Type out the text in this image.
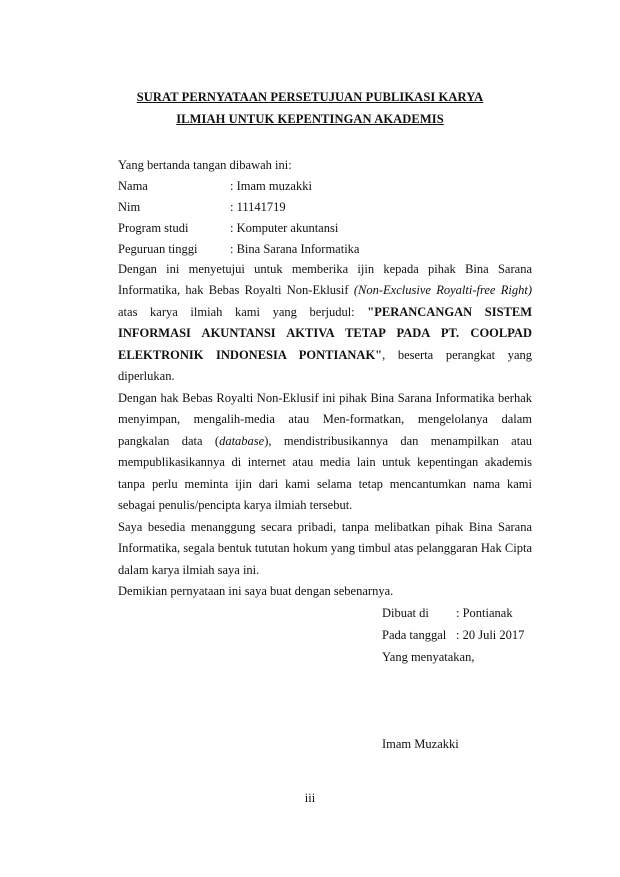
SURAT PERNYATAAN PERSETUJUAN PUBLIKASI KARYA
ILMIAH UNTUK KEPENTINGAN AKADEMIS
Yang bertanda tangan dibawah ini:
Nama	: Imam muzakki
Nim	: 11141719
Program studi	: Komputer akuntansi
Peguruan tinggi	: Bina Sarana Informatika
Dengan ini menyetujui untuk memberika ijin kepada pihak Bina Sarana Informatika, hak Bebas Royalti Non-Eklusif (Non-Exclusive Royalti-free Right) atas karya ilmiah kami yang berjudul: "PERANCANGAN SISTEM INFORMASI AKUNTANSI AKTIVA TETAP PADA PT. COOLPAD ELEKTRONIK INDONESIA PONTIANAK", beserta perangkat yang diperlukan.
Dengan hak Bebas Royalti Non-Eklusif ini pihak Bina Sarana Informatika berhak menyimpan, mengalih-media atau Men-formatkan, mengelolanya dalam pangkalan data (database), mendistribusikannya dan menampilkan atau mempublikasikannya di internet atau media lain untuk kepentingan akademis tanpa perlu meminta ijin dari kami selama tetap mencantumkan nama kami sebagai penulis/pencipta karya ilmiah tersebut.
Saya besedia menanggung secara pribadi, tanpa melibatkan pihak Bina Sarana Informatika, segala bentuk tututan hokum yang timbul atas pelanggaran Hak Cipta dalam karya ilmiah saya ini.
Demikian pernyataan ini saya buat dengan sebenarnya.
Dibuat di : Pontianak
Pada tanggal : 20 Juli 2017
Yang menyatakan,
Imam Muzakki
iii
